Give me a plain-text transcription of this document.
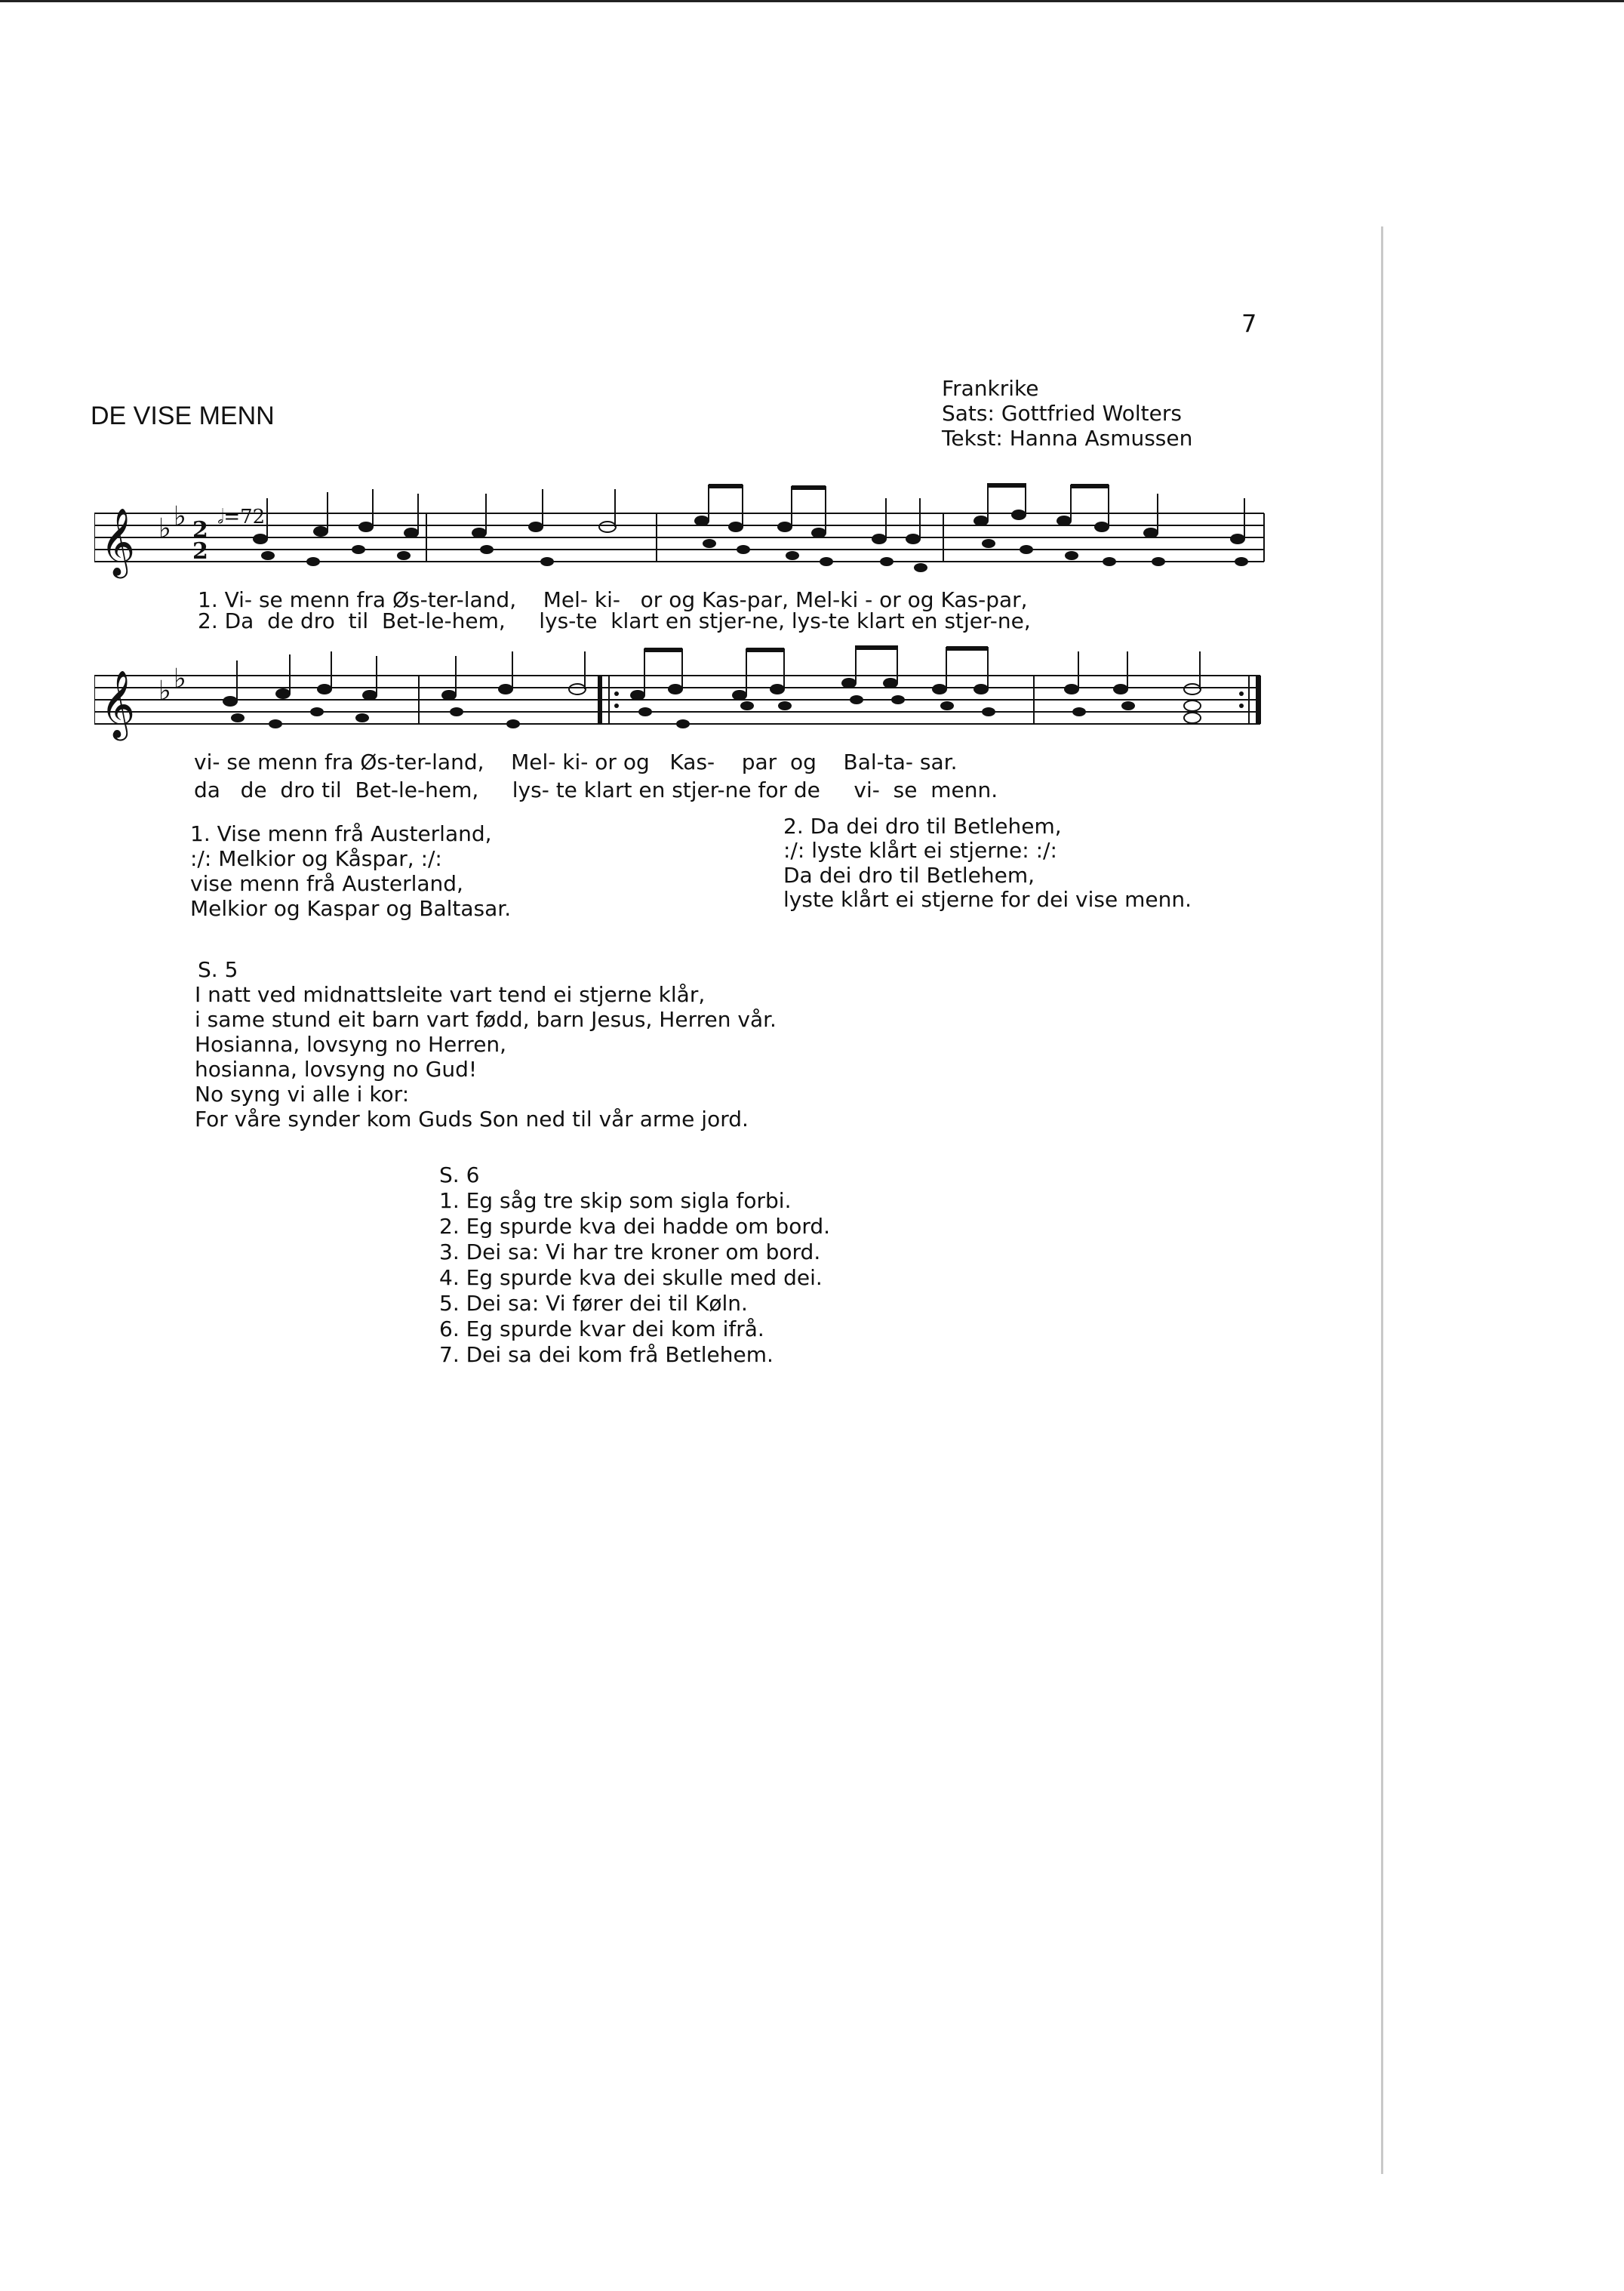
7
DE VISE MENN
Frankrike
Sats: Gottfried Wolters
Tekst: Hanna Asmussen
𝄞 ♭ ♭ 2
2

𝅗𝅥=72

1. Vi- se menn fra Øs-ter-land,    Mel- ki-   or og Kas-par, Mel-ki - or og Kas-par,
2. Da  de dro  til  Bet-le-hem,     lys-te  klart en stjer-ne, lys-te klart en stjer-ne,
𝄞 ♭ ♭
vi- se menn fra Øs-ter-land,    Mel- ki- or og   Kas-    par  og    Bal-ta- sar.
da   de  dro til  Bet-le-hem,     lys- te klart en stjer-ne for de     vi-  se  menn.
1. Vise menn frå Austerland,
:/: Melkior og Kåspar, :/:
vise menn frå Austerland,
Melkior og Kaspar og Baltasar.
2. Da dei dro til Betlehem,
:/: lyste klårt ei stjerne: :/:
Da dei dro til Betlehem,
lyste klårt ei stjerne for dei vise menn.
S. 5
I natt ved midnattsleite vart tend ei stjerne klår,
i same stund eit barn vart fødd, barn Jesus, Herren vår.
Hosianna, lovsyng no Herren,
hosianna, lovsyng no Gud!
No syng vi alle i kor:
For våre synder kom Guds Son ned til vår arme jord.
S. 6
1. Eg såg tre skip som sigla forbi.
2. Eg spurde kva dei hadde om bord.
3. Dei sa: Vi har tre kroner om bord.
4. Eg spurde kva dei skulle med dei.
5. Dei sa: Vi fører dei til Køln.
6. Eg spurde kvar dei kom ifrå.
7. Dei sa dei kom frå Betlehem.
